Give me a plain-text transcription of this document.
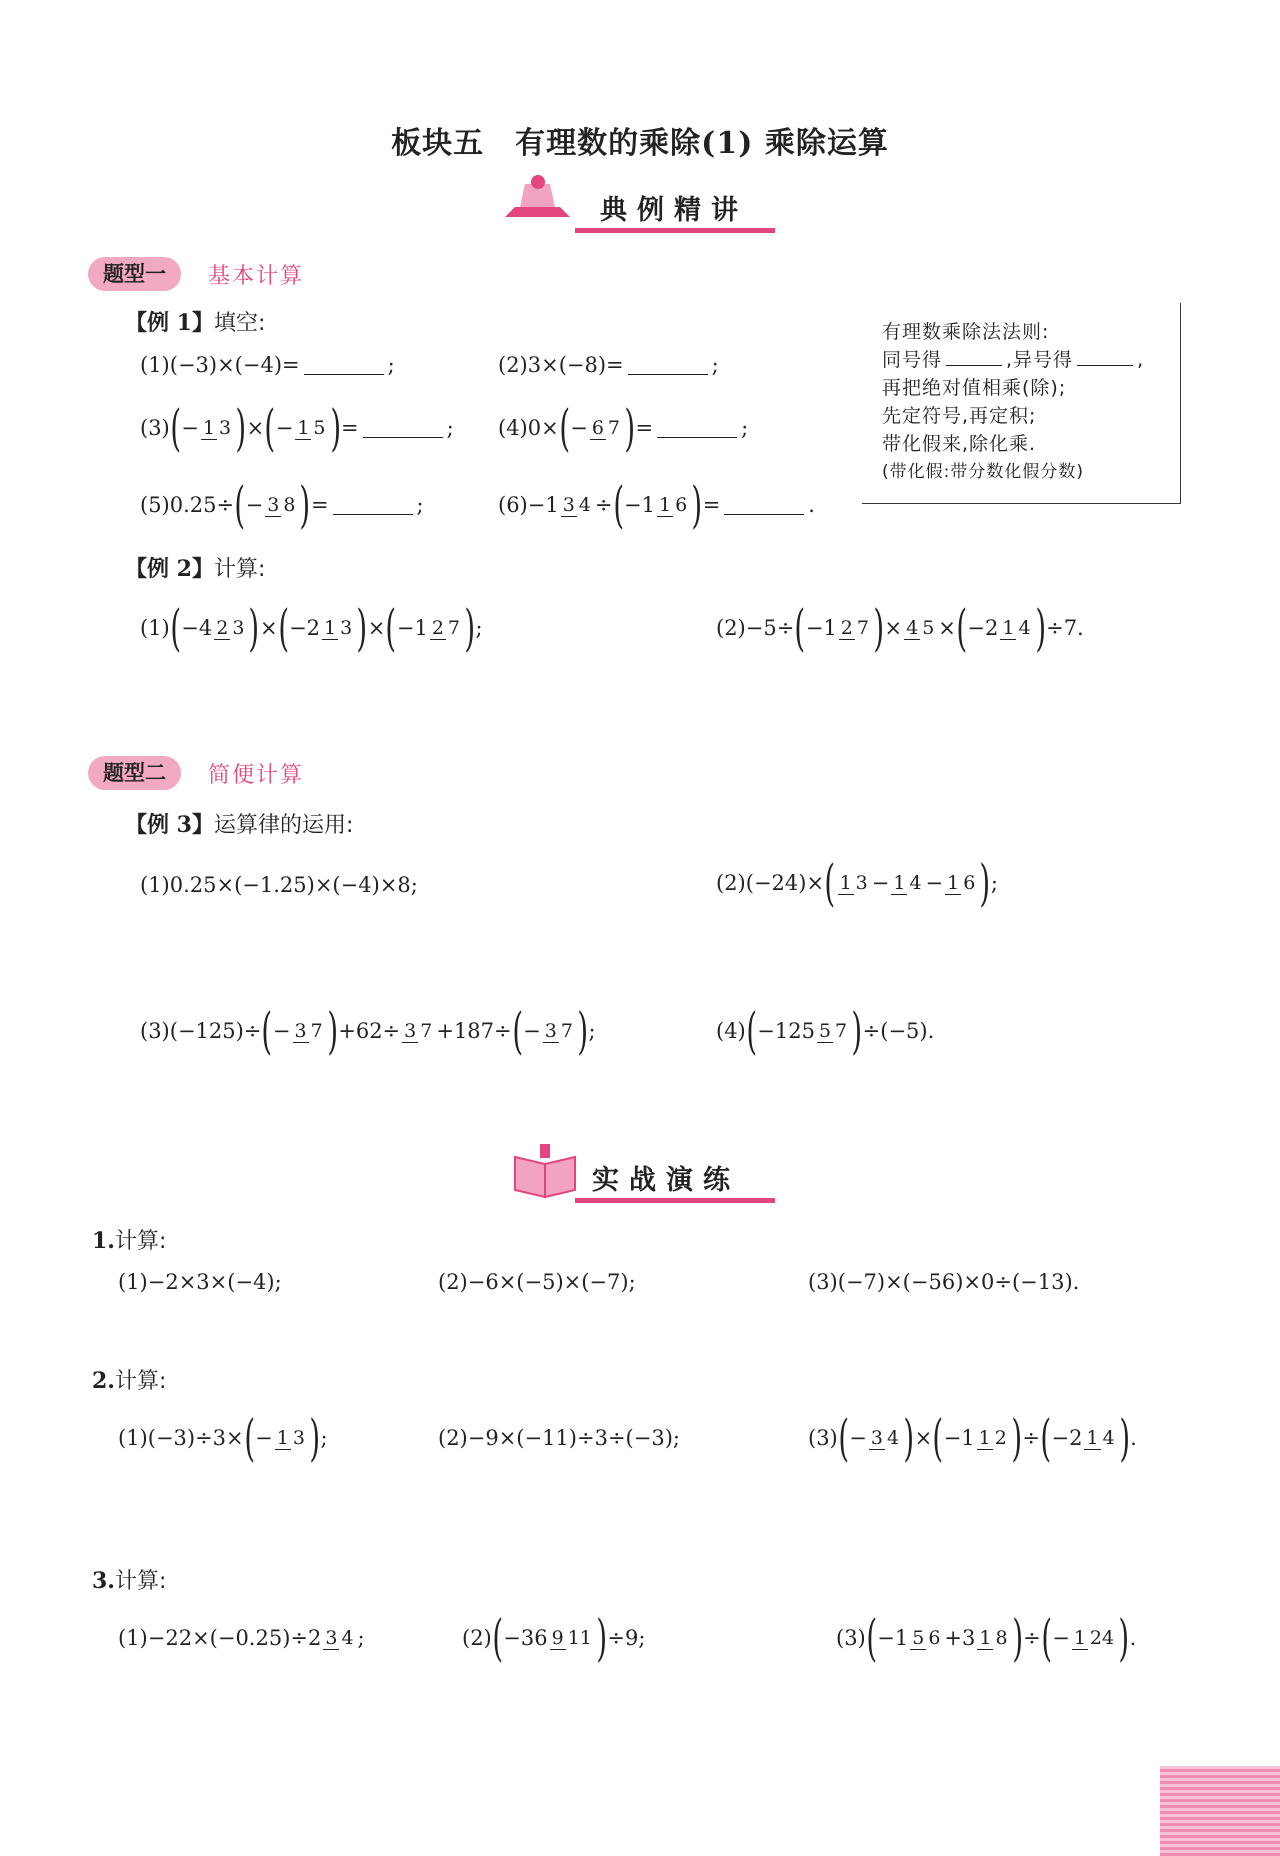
板块五　有理数的乘除(1) 乘除运算
典例精讲
题型一	基本计算
【例 1】填空:
(1)(−3)×(−4)=	;	(2)3×(−8)=	;
(3) ( − 1 3 ) × ( − 1 5 ) =	; (4)0× ( − 6 7 ) =	;
(5)0.25÷ ( − 3 8 ) =	;	(6)−1 3 4 ÷ ( −1 1 6 ) =	.
有理数乘除法法则:
同号得	,异号得	,
再把绝对值相乘(除);
先定符号,再定积;
带化假来,除化乘.
(带化假:带分数化假分数)
【例 2】计算:
(1) ( −4 2 3 ) × ( −2 1 3 ) × ( −1 2 7 ) ;	(2)−5÷ ( −1 2 7 ) × 4 5 × ( −2 1 4 ) ÷7.
题型二	简便计算
【例 3】运算律的运用:
(1)0.25×(−1.25)×(−4)×8;	(2)(−24)× ( 1 3 − 1 4 − 1 6 ) ;
(3)(−125)÷ ( − 3 7 ) +62÷ 3 7 +187÷ ( − 3 7 ) ;	(4) ( −125 5 7 ) ÷(−5).
实战演练
1.计算:
(1)−2×3×(−4);	(2)−6×(−5)×(−7);	(3)(−7)×(−56)×0÷(−13).
2.计算:
(1)(−3)÷3× ( − 1 3 ) ;	(2)−9×(−11)÷3÷(−3);	(3) ( − 3 4 ) × ( −1 1 2 ) ÷ ( −2 1 4 ) .
3.计算:
(1)−22×(−0.25)÷2 3 4 ;	(2) ( −36 9 11 ) ÷9;	(3) ( −1 5 6 +3 1 8 ) ÷ ( − 1 24 ) .
